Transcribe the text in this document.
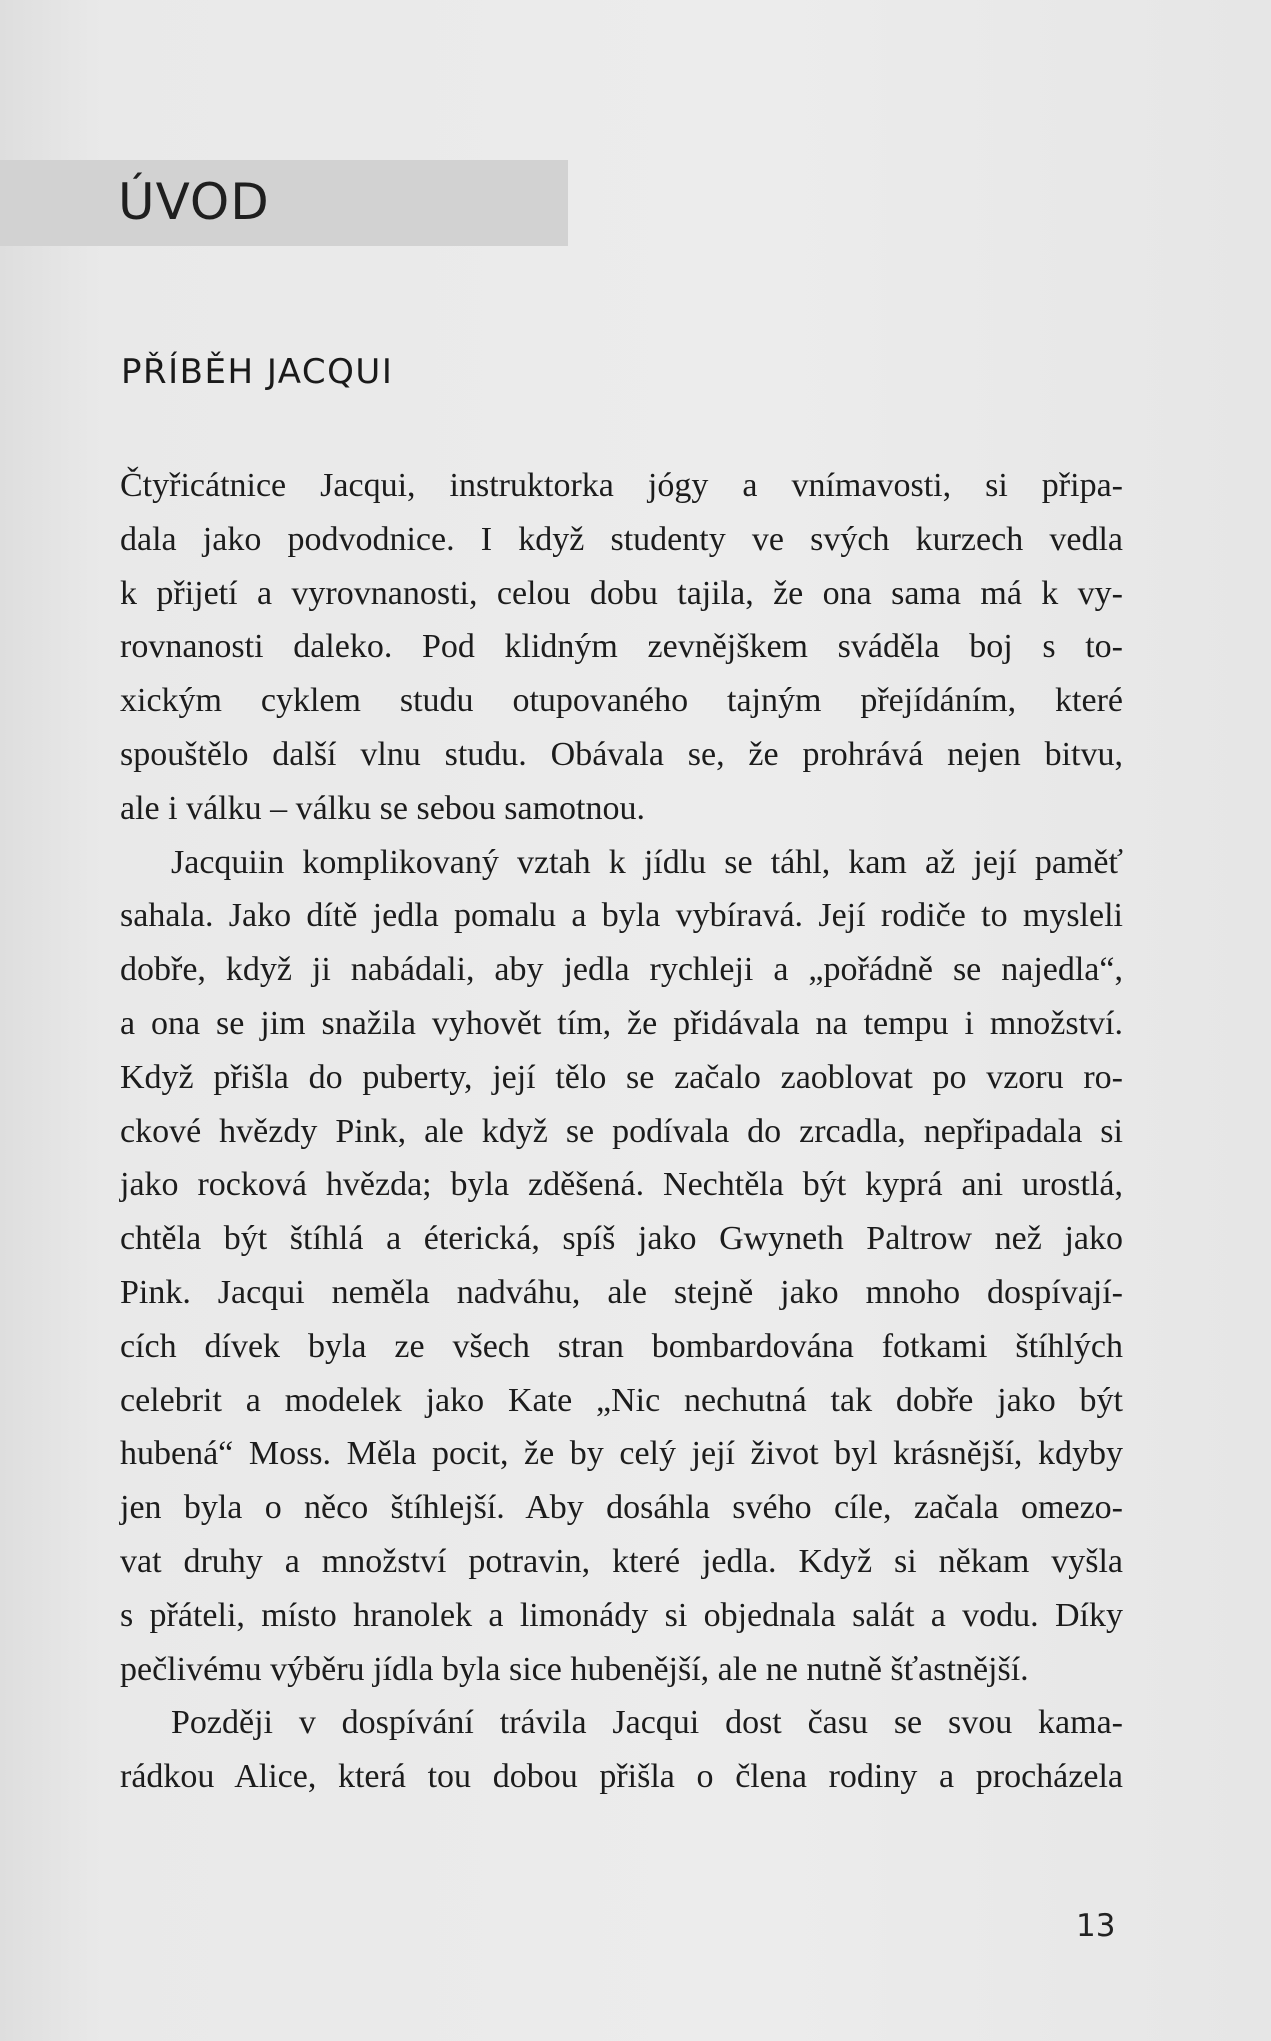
ÚVOD
PŘÍBĚH JACQUI
Čtyřicátnice Jacqui, instruktorka jógy a vnímavosti, si připa-
dala jako podvodnice. I když studenty ve svých kurzech vedla
k přijetí a vyrovnanosti, celou dobu tajila, že ona sama má k vy-
rovnanosti daleko. Pod klidným zevnějškem sváděla boj s to-
xickým cyklem studu otupovaného tajným přejídáním, které
spouštělo další vlnu studu. Obávala se, že prohrává nejen bitvu,
ale i válku – válku se sebou samotnou.
Jacquiin komplikovaný vztah k jídlu se táhl, kam až její paměť
sahala. Jako dítě jedla pomalu a byla vybíravá. Její rodiče to mysleli
dobře, když ji nabádali, aby jedla rychleji a „pořádně se najedla“,
a ona se jim snažila vyhovět tím, že přidávala na tempu i množství.
Když přišla do puberty, její tělo se začalo zaoblovat po vzoru ro-
ckové hvězdy Pink, ale když se podívala do zrcadla, nepřipadala si
jako rocková hvězda; byla zděšená. Nechtěla být kyprá ani urostlá,
chtěla být štíhlá a éterická, spíš jako Gwyneth Paltrow než jako
Pink. Jacqui neměla nadváhu, ale stejně jako mnoho dospívají-
cích dívek byla ze všech stran bombardována fotkami štíhlých
celebrit a modelek jako Kate „Nic nechutná tak dobře jako být
hubená“ Moss. Měla pocit, že by celý její život byl krásnější, kdyby
jen byla o něco štíhlejší. Aby dosáhla svého cíle, začala omezo-
vat druhy a množství potravin, které jedla. Když si někam vyšla
s přáteli, místo hranolek a limonády si objednala salát a vodu. Díky
pečlivému výběru jídla byla sice hubenější, ale ne nutně šťastnější.
Později v dospívání trávila Jacqui dost času se svou kama-
rádkou Alice, která tou dobou přišla o člena rodiny a procházela
13
